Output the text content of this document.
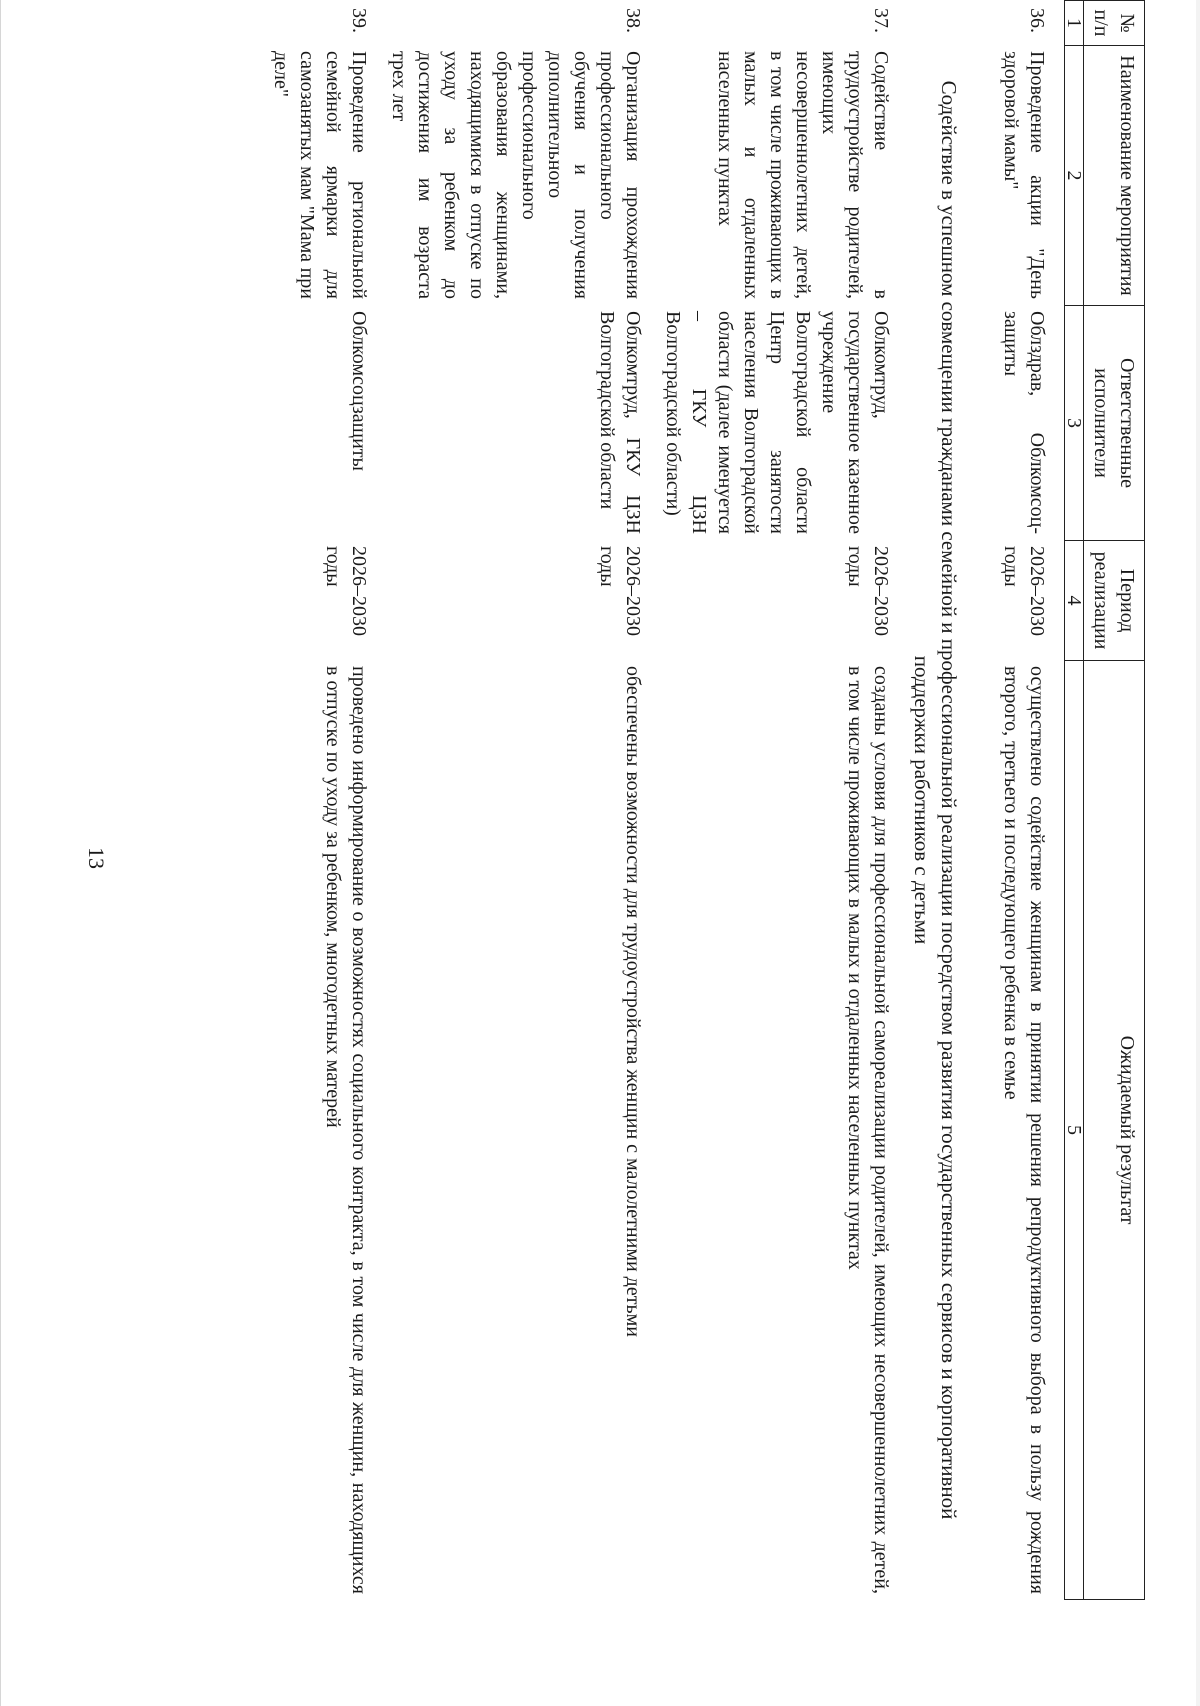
13
№ п/п
Наименование мероприятия
Ответственные исполнители
Период реализации
Ожидаемый результат
1
2
3
4
5
36.
Проведение акции "День здоровой мамы"
Облздрав, Облкомсоц-защиты
2026–2030 годы
осуществлено содействие женщинам в принятии решения репродуктивного выбора в пользу рождения второго, третьего и последующего ребенка в семье
Содействие в успешном совмещении гражданами семейной и профессиональной реализации посредством развития государственных сервисов и корпоративной поддержки работников с детьми
37.
Содействие в трудоустройстве родителей, имеющих несовершеннолетних детей, в том числе проживающих в малых и отдаленных населенных пунктах
Облкомтруд, государственное казенное учреждение Волгоградской области Центр занятости населения Волгоградской области (далее именуется – ГКУ ЦЗН Волгоградской области)
2026–2030 годы
созданы условия для профессиональной самореализации родителей, имеющих несовершеннолетних детей, в том числе проживающих в малых и отдаленных населенных пунктах
38.
Организация прохождения профессионального обучения и получения дополнительного профессионального образования женщинами, находящимися в отпуске по уходу за ребенком до достижения им возраста трех лет
Облкомтруд, ГКУ ЦЗН Волгоградской области
2026–2030 годы
обеспечены возможности для трудоустройства женщин с малолетними детьми
39.
Проведение региональной семейной ярмарки для самозанятых мам "Мама при деле"
Облкомсоцзащиты
2026–2030 годы
проведено информирование о возможностях социального контракта, в том числе для женщин, находящихся в отпуске по уходу за ребенком, многодетных матерей
